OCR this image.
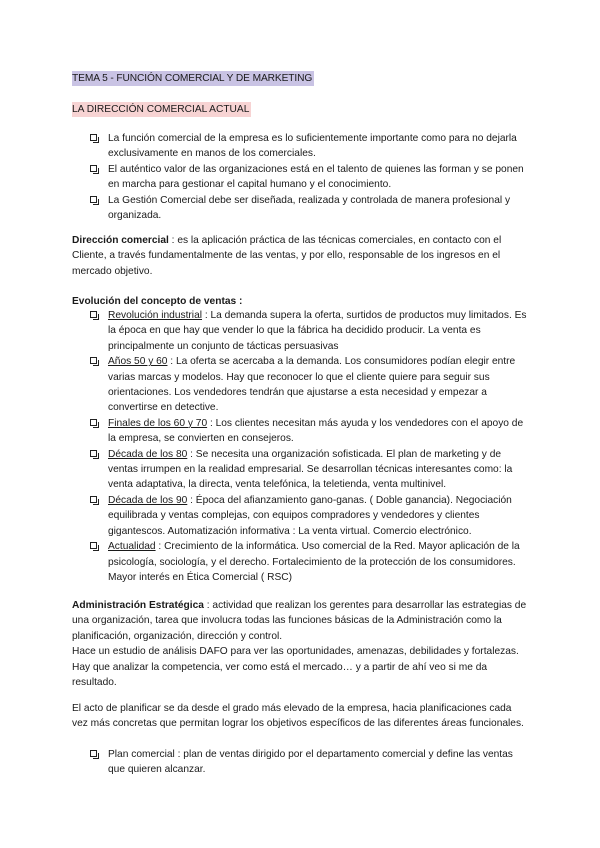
TEMA 5 - FUNCIÓN COMERCIAL Y DE MARKETING
LA DIRECCIÓN COMERCIAL ACTUAL
La función comercial de la empresa es lo suficientemente importante como para no dejarla exclusivamente en manos de los comerciales.
El auténtico valor de las organizaciones está en el talento de quienes las forman y se ponen en marcha para gestionar el capital humano y el conocimiento.
La Gestión Comercial debe ser diseñada, realizada y controlada de manera profesional y organizada.

Dirección comercial : es la aplicación práctica de las técnicas comerciales, en contacto con el Cliente, a través fundamentalmente de las ventas, y por ello, responsable de los ingresos en el mercado objetivo.

Evolución del concepto de ventas :
Revolución industrial : La demanda supera la oferta, surtidos de productos muy limitados. Es la época en que hay que vender lo que la fábrica ha decidido producir. La venta es principalmente un conjunto de tácticas persuasivas
Años 50 y 60 : La oferta se acercaba a la demanda. Los consumidores podían elegir entre varias marcas y modelos. Hay que reconocer lo que el cliente quiere para seguir sus orientaciones. Los vendedores tendrán que ajustarse a esta necesidad y empezar a convertirse en detective.
Finales de los 60 y 70 : Los clientes necesitan más ayuda y los vendedores con el apoyo de la empresa, se convierten en consejeros.
Década de los 80 : Se necesita una organización sofisticada. El plan de marketing y de ventas irrumpen en la realidad empresarial. Se desarrollan técnicas interesantes como: la venta adaptativa, la directa, venta telefónica, la teletienda, venta multinivel.
Década de los 90 : Época del afianzamiento gano-ganas. ( Doble ganancia). Negociación equilibrada y ventas complejas, con equipos compradores y vendedores y clientes gigantescos. Automatización informativa : La venta virtual. Comercio electrónico.
Actualidad : Crecimiento de la informática. Uso comercial de la Red. Mayor aplicación de la psicología, sociología, y el derecho. Fortalecimiento de la protección de los consumidores. Mayor interés en Ética Comercial ( RSC)

Administración Estratégica : actividad que realizan los gerentes para desarrollar las estrategias de una organización, tarea que involucra todas las funciones básicas de la Administración como la planificación, organización, dirección y control.
Hace un estudio de análisis DAFO para ver las oportunidades, amenazas, debilidades y fortalezas. Hay que analizar la competencia, ver como está el mercado… y a partir de ahí veo si me da resultado.

El acto de planificar se da desde el grado más elevado de la empresa, hacia planificaciones cada vez más concretas que permitan lograr los objetivos específicos de las diferentes áreas funcionales.

Plan comercial : plan de ventas dirigido por el departamento comercial y define las ventas que quieren alcanzar.
